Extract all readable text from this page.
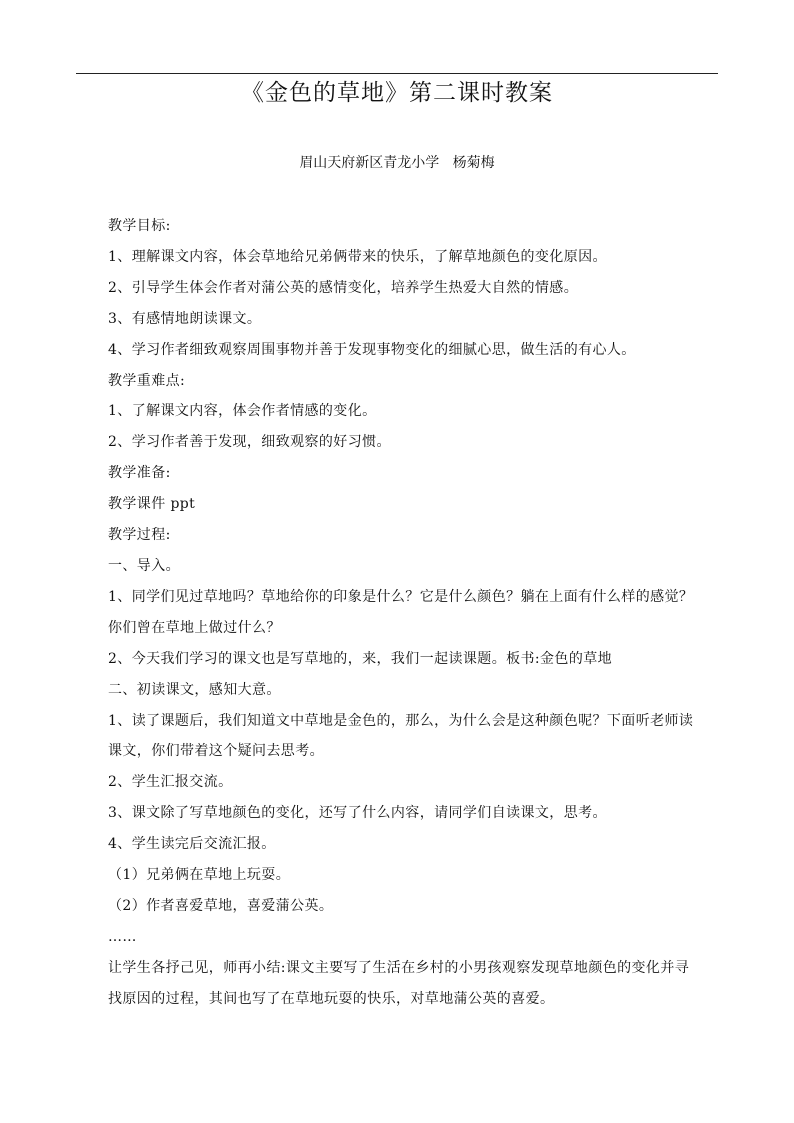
《金色的草地》第二课时教案
眉山天府新区青龙小学   杨菊梅
教学目标:
1、理解课文内容，体会草地给兄弟俩带来的快乐，了解草地颜色的变化原因。
2、引导学生体会作者对蒲公英的感情变化，培养学生热爱大自然的情感。
3、有感情地朗读课文。
4、学习作者细致观察周围事物并善于发现事物变化的细腻心思，做生活的有心人。
教学重难点:
1、了解课文内容，体会作者情感的变化。
2、学习作者善于发现，细致观察的好习惯。
教学准备:
教学课件 ppt
教学过程:
一、导入。
1、同学们见过草地吗？草地给你的印象是什么？它是什么颜色？躺在上面有什么样的感觉？你们曾在草地上做过什么？
2、今天我们学习的课文也是写草地的，来，我们一起读课题。板书:金色的草地
二、初读课文，感知大意。
1、读了课题后，我们知道文中草地是金色的，那么，为什么会是这种颜色呢？下面听老师读课文，你们带着这个疑问去思考。
2、学生汇报交流。
3、课文除了写草地颜色的变化，还写了什么内容，请同学们自读课文，思考。
4、学生读完后交流汇报。
（1）兄弟俩在草地上玩耍。
（2）作者喜爱草地，喜爱蒲公英。
……
让学生各抒己见，师再小结:课文主要写了生活在乡村的小男孩观察发现草地颜色的变化并寻找原因的过程，其间也写了在草地玩耍的快乐，对草地蒲公英的喜爱。
